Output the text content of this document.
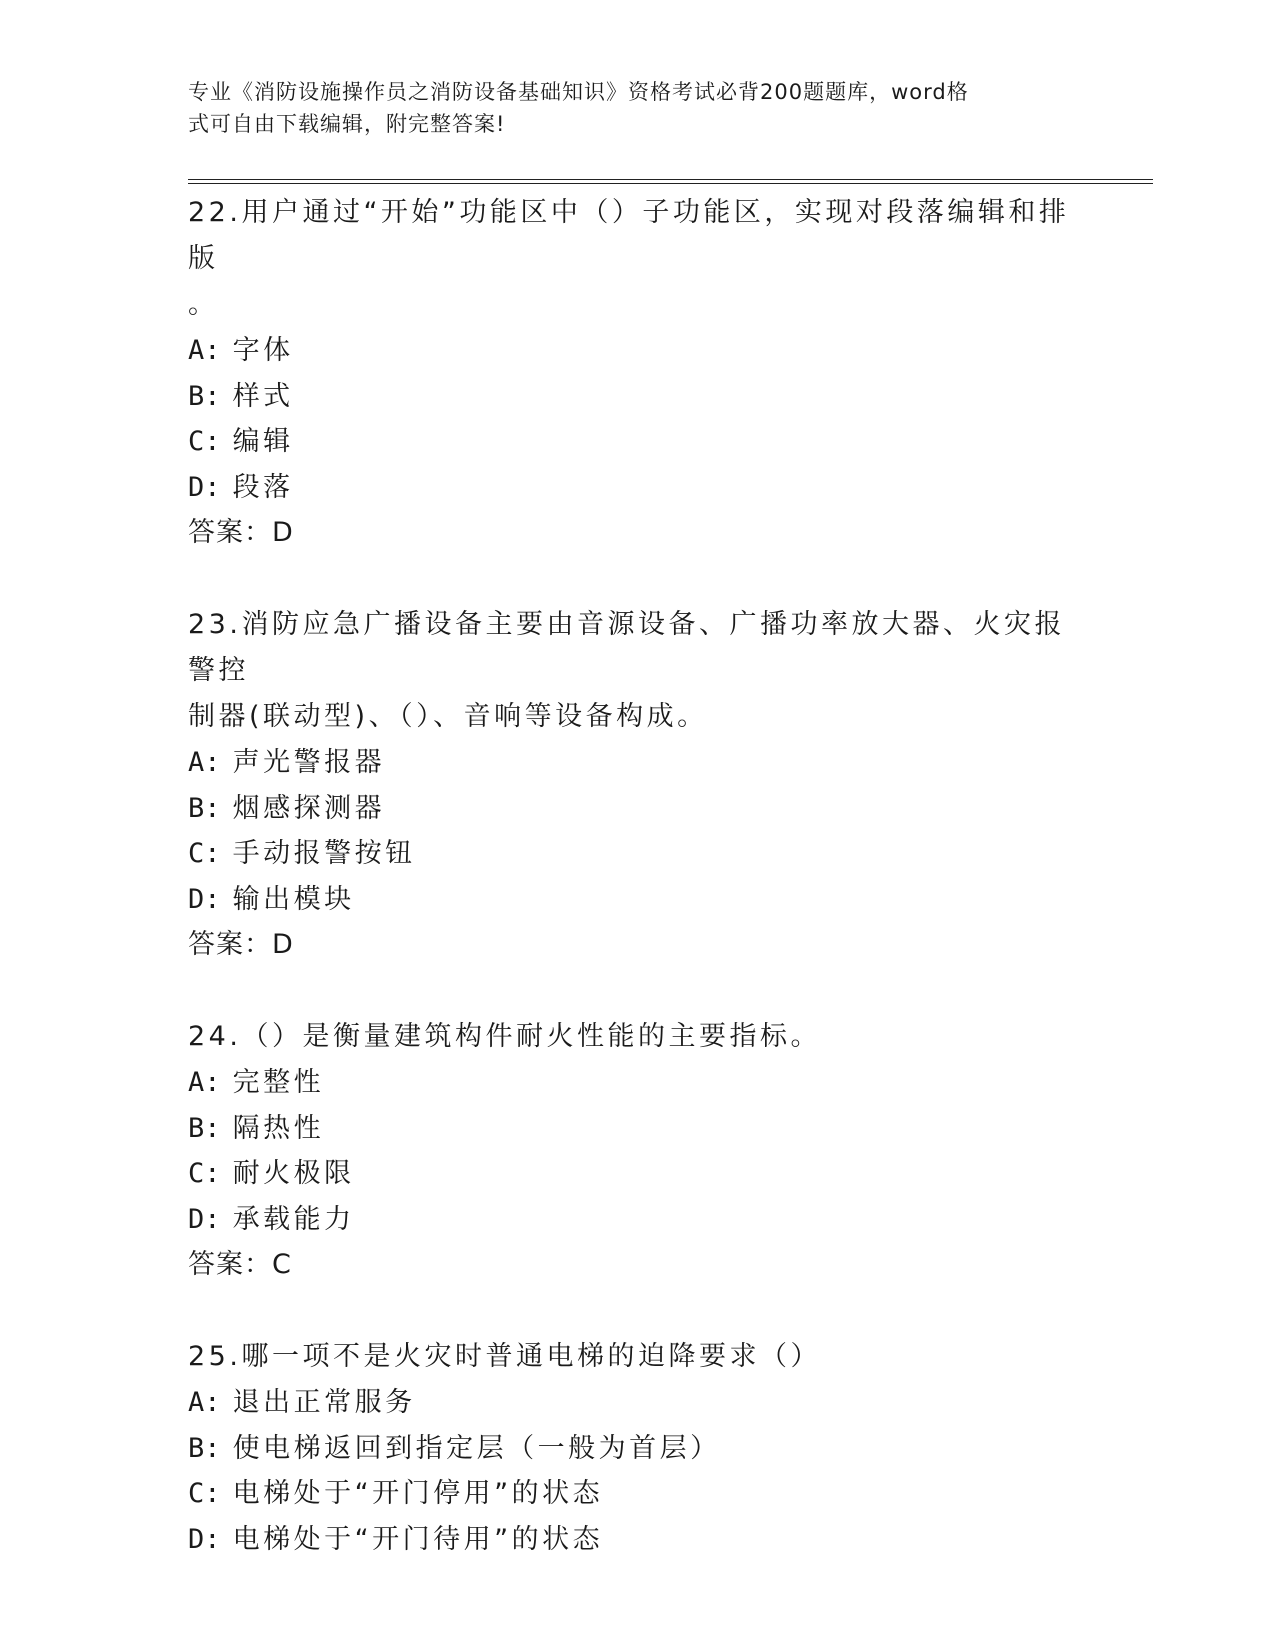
专业《消防设施操作员之消防设备基础知识》资格考试必背200题题库，word格
式可自由下载编辑，附完整答案!

22.用户通过“开始”功能区中（）子功能区，实现对段落编辑和排版
。

A: 字体

B: 样式

C: 编辑

D: 段落

答案：D

23.消防应急广播设备主要由音源设备、广播功率放大器、火灾报警控
制器(联动型)、（）、音响等设备构成。

A: 声光警报器

B: 烟感探测器

C: 手动报警按钮

D: 输出模块

答案：D

24.（）是衡量建筑构件耐火性能的主要指标。

A: 完整性

B: 隔热性

C: 耐火极限

D: 承载能力

答案：C

25.哪一项不是火灾时普通电梯的迫降要求（）

A: 退出正常服务

B: 使电梯返回到指定层（一般为首层）

C: 电梯处于“开门停用”的状态

D: 电梯处于“开门待用”的状态
